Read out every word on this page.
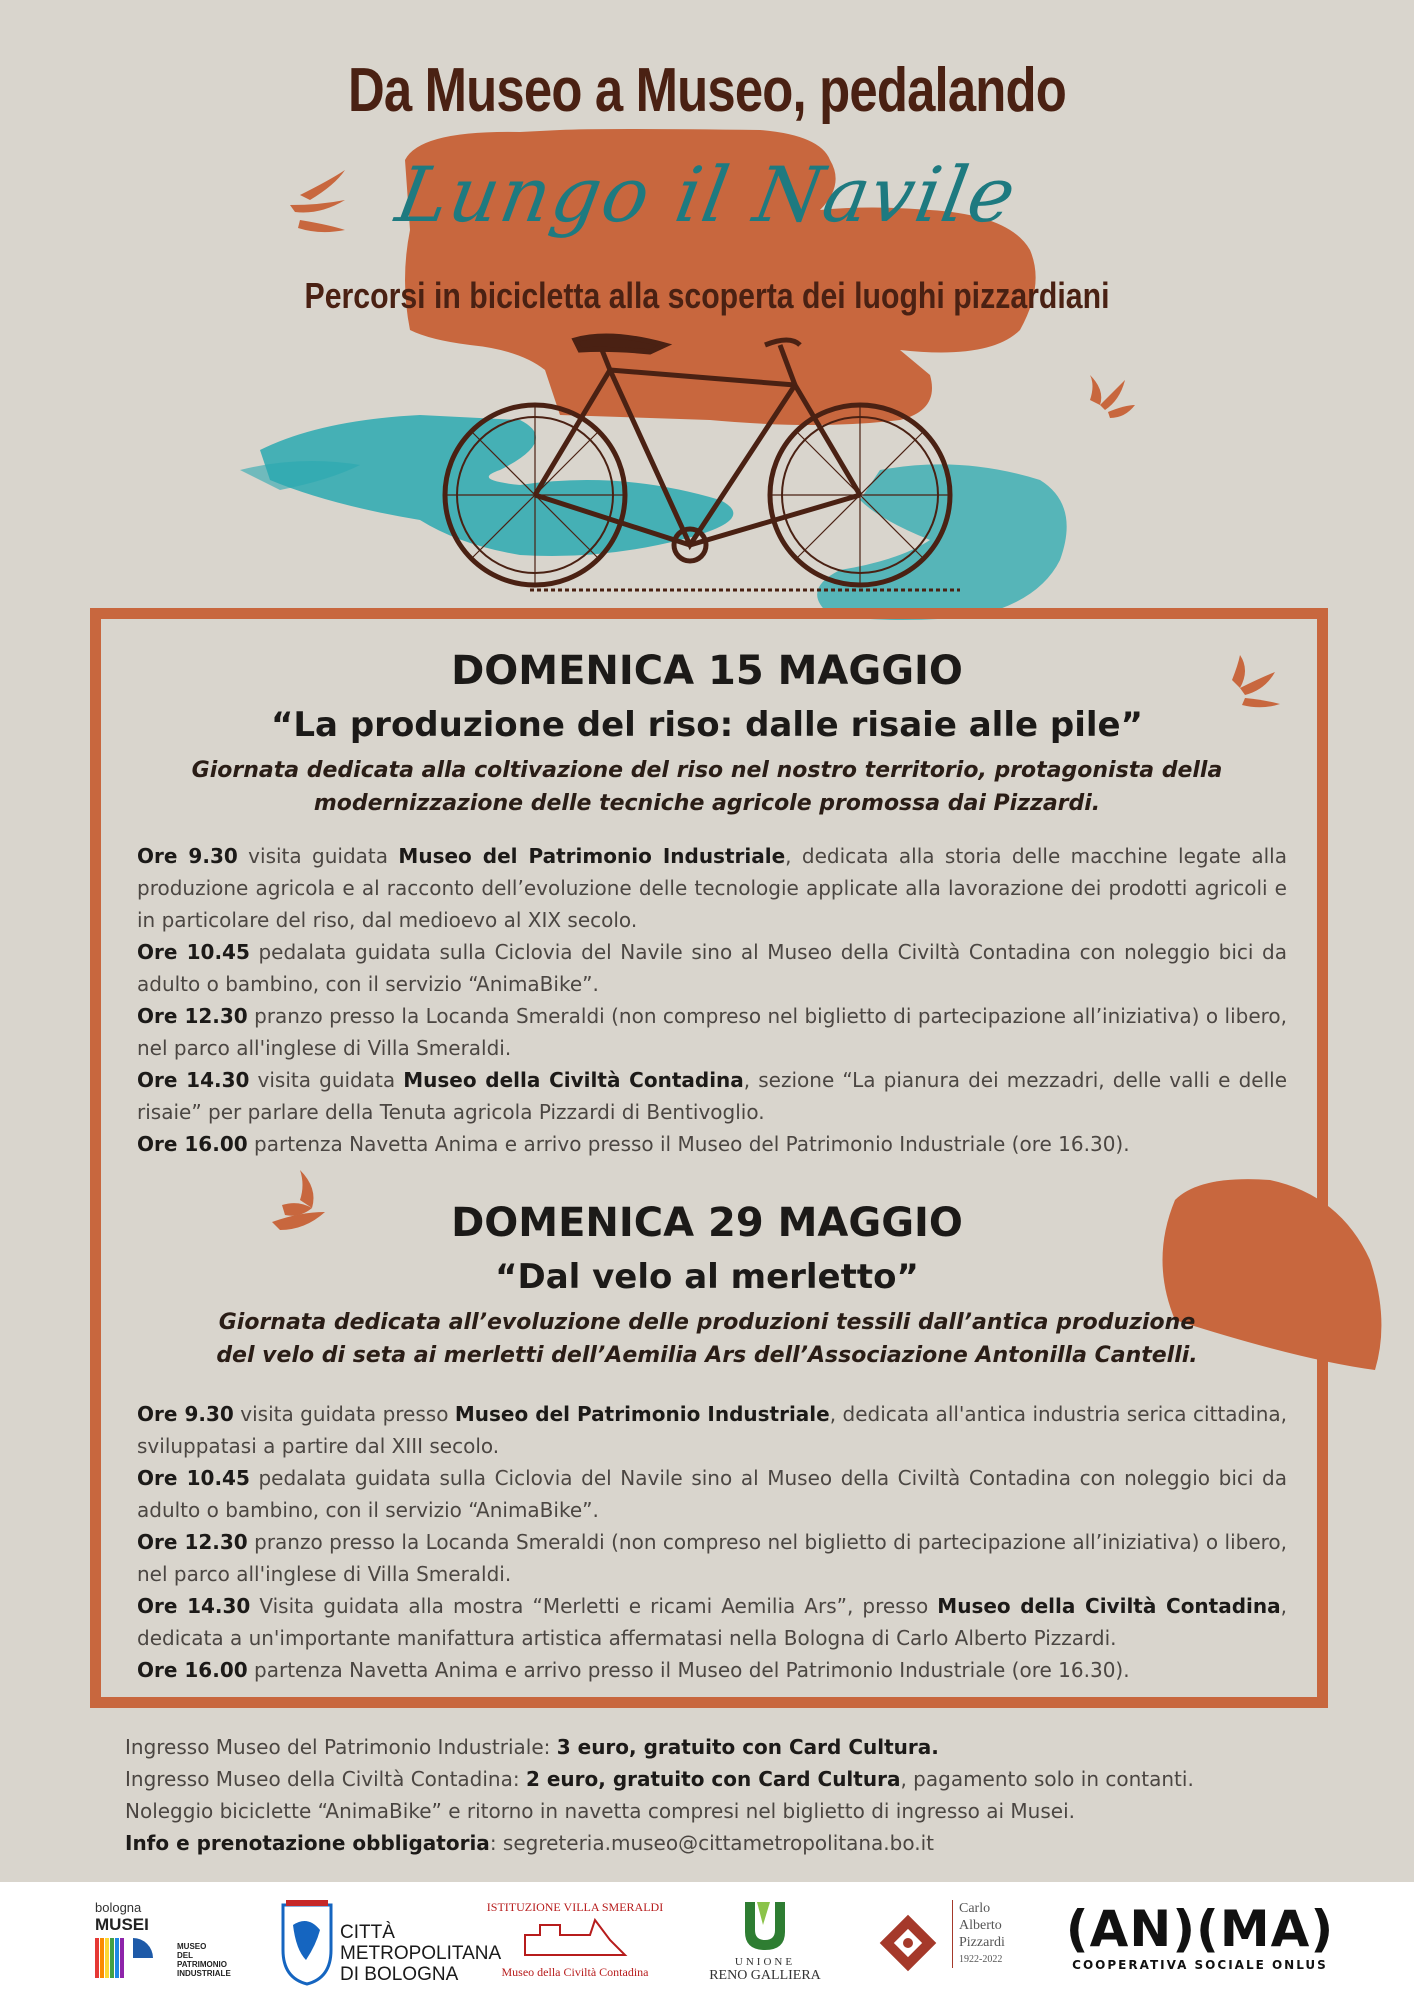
Da Museo a Museo, pedalando
Lungo il Navile
Percorsi in bicicletta alla scoperta dei luoghi pizzardiani
DOMENICA 15 MAGGIO
“La produzione del riso: dalle risaie alle pile”
Giornata dedicata alla coltivazione del riso nel nostro territorio, protagonista della modernizzazione delle tecniche agricole promossa dai Pizzardi.

Ore 9.30 visita guidata Museo del Patrimonio Industriale, dedicata alla storia delle macchine legate alla produzione agricola e al racconto dell’evoluzione delle tecnologie applicate alla lavorazione dei prodotti agricoli e in particolare del riso, dal medioevo al XIX secolo.

Ore 10.45 pedalata guidata sulla Ciclovia del Navile sino al Museo della Civiltà Contadina con noleggio bici da adulto o bambino, con il servizio “AnimaBike”.

Ore 12.30 pranzo presso la Locanda Smeraldi (non compreso nel biglietto di partecipazione all’iniziativa) o libero, nel parco all'inglese di Villa Smeraldi.

Ore 14.30 visita guidata Museo della Civiltà Contadina, sezione “La pianura dei mezzadri, delle valli e delle risaie” per parlare della Tenuta agricola Pizzardi di Bentivoglio.

Ore 16.00 partenza Navetta Anima e arrivo presso il Museo del Patrimonio Industriale (ore 16.30).

DOMENICA 29 MAGGIO
“Dal velo al merletto”
Giornata dedicata all’evoluzione delle produzioni tessili dall’antica produzione del velo di seta ai merletti dell’Aemilia Ars dell’Associazione Antonilla Cantelli.

Ore 9.30 visita guidata presso Museo del Patrimonio Industriale, dedicata all'antica industria serica cittadina, sviluppatasi a partire dal XIII secolo.

Ore 10.45 pedalata guidata sulla Ciclovia del Navile sino al Museo della Civiltà Contadina con noleggio bici da adulto o bambino, con il servizio “AnimaBike”.

Ore 12.30 pranzo presso la Locanda Smeraldi (non compreso nel biglietto di partecipazione all’iniziativa) o libero, nel parco all'inglese di Villa Smeraldi.

Ore 14.30 Visita guidata alla mostra “Merletti e ricami Aemilia Ars”, presso Museo della Civiltà Contadina, dedicata a un'importante manifattura artistica affermatasi nella Bologna di Carlo Alberto Pizzardi.

Ore 16.00 partenza Navetta Anima e arrivo presso il Museo del Patrimonio Industriale (ore 16.30).

Ingresso Museo del Patrimonio Industriale: 3 euro, gratuito con Card Cultura.

Ingresso Museo della Civiltà Contadina: 2 euro, gratuito con Card Cultura, pagamento solo in contanti.

Noleggio biciclette “AnimaBike” e ritorno in navetta compresi nel biglietto di ingresso ai Musei.

Info e prenotazione obbligatoria: segreteria.museo@cittametropolitana.bo.it

bologna
MUSEI
MUSEO
DEL
PATRIMONIO
INDUSTRIALE
CITTÀ
METROPOLITANA
DI BOLOGNA
ISTITUZIONE VILLA SMERALDI
Museo della Civiltà Contadina
UNIONE
RENO GALLIERA
Carlo
Alberto
Pizzardi
1922-2022
(AN)(MA)
COOPERATIVA SOCIALE ONLUS
